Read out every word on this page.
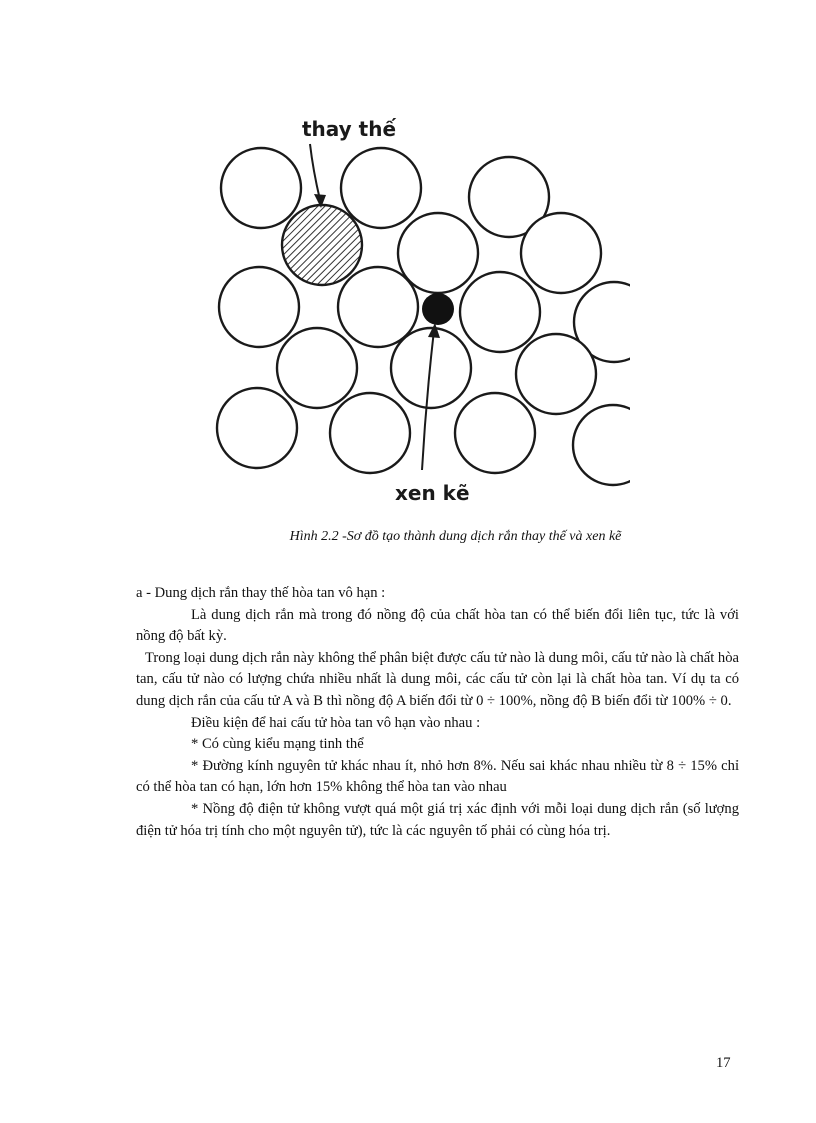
thay thế
xen kẽ
Hình 2.2 -Sơ đồ tạo thành dung dịch rắn thay thế và xen kẽ

a - Dung dịch rắn thay thế hòa tan vô hạn :

Là dung dịch rắn mà trong đó nồng độ của chất hòa tan có thể biến đổi liên tục, tức là với nồng độ bất kỳ.

Trong loại dung dịch rắn này không thể phân biệt được cấu tử nào là dung môi, cấu tử nào là chất hòa tan, cấu tử nào có lượng chứa nhiều nhất là dung môi, các cấu tử còn lại là chất hòa tan. Ví dụ ta có dung dịch rắn của cấu tử A và B thì nồng độ A biến đổi từ 0 ÷ 100%, nồng độ B biến đổi từ 100% ÷ 0.

Điều kiện để hai cấu tử hòa tan vô hạn vào nhau :

* Có cùng kiểu mạng tinh thể

* Đường kính nguyên tử khác nhau ít, nhỏ hơn 8%. Nếu sai khác nhau nhiều từ 8 ÷ 15% chỉ có thể hòa tan có hạn, lớn hơn 15% không thể hòa tan vào nhau

* Nồng độ điện tử không vượt quá một giá trị xác định với mỗi loại dung dịch rắn (số lượng điện tử hóa trị tính cho một nguyên tử), tức là các nguyên tố phải có cùng hóa trị.

17
